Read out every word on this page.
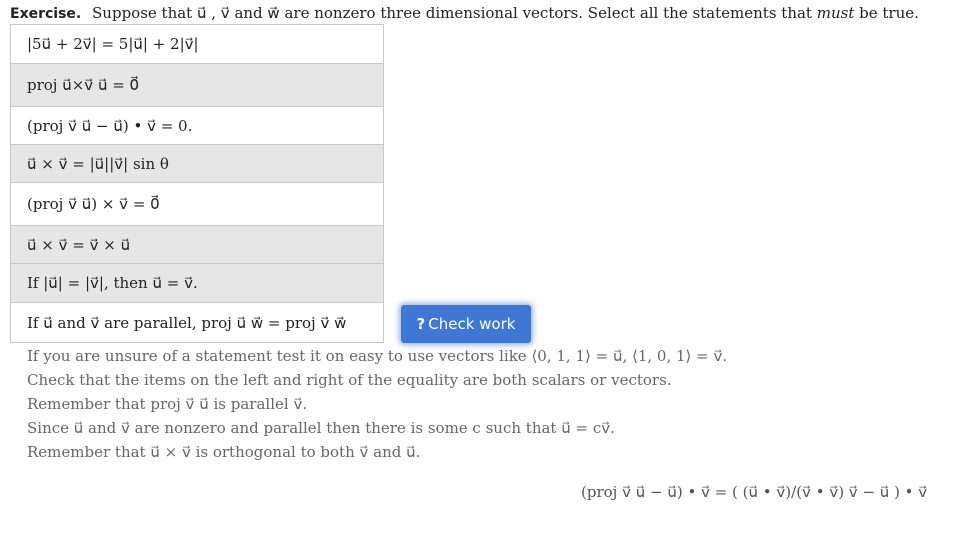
Exercise. Suppose that u⃗ , v⃗ and w⃗ are nonzero three dimensional vectors. Select all the statements that must be true.
|5u⃗ + 2v⃗| = 5|u⃗| + 2|v⃗|
proj u⃗×v⃗ u⃗ = 0⃗
(proj v⃗ u⃗ − u⃗) • v⃗ = 0.
u⃗ × v⃗ = |u⃗||v⃗| sin θ
(proj v⃗ u⃗) × v⃗ = 0⃗
u⃗ × v⃗ = v⃗ × u⃗
If |u⃗| = |v⃗|, then u⃗ = v⃗.
If u⃗ and v⃗ are parallel, proj u⃗ w⃗ = proj v⃗ w⃗	? Check work
If you are unsure of a statement test it on easy to use vectors like ⟨0, 1, 1⟩ = u⃗, ⟨1, 0, 1⟩ = v⃗.
Check that the items on the left and right of the equality are both scalars or vectors.
Remember that proj v⃗ u⃗ is parallel v⃗.
Since u⃗ and v⃗ are nonzero and parallel then there is some c such that u⃗ = cv⃗.
Remember that u⃗ × v⃗ is orthogonal to both v⃗ and u⃗.
(proj v⃗ u⃗ − u⃗) • v⃗ = ( (u⃗ • v⃗)/(v⃗ • v⃗) v⃗ − u⃗ ) • v⃗
